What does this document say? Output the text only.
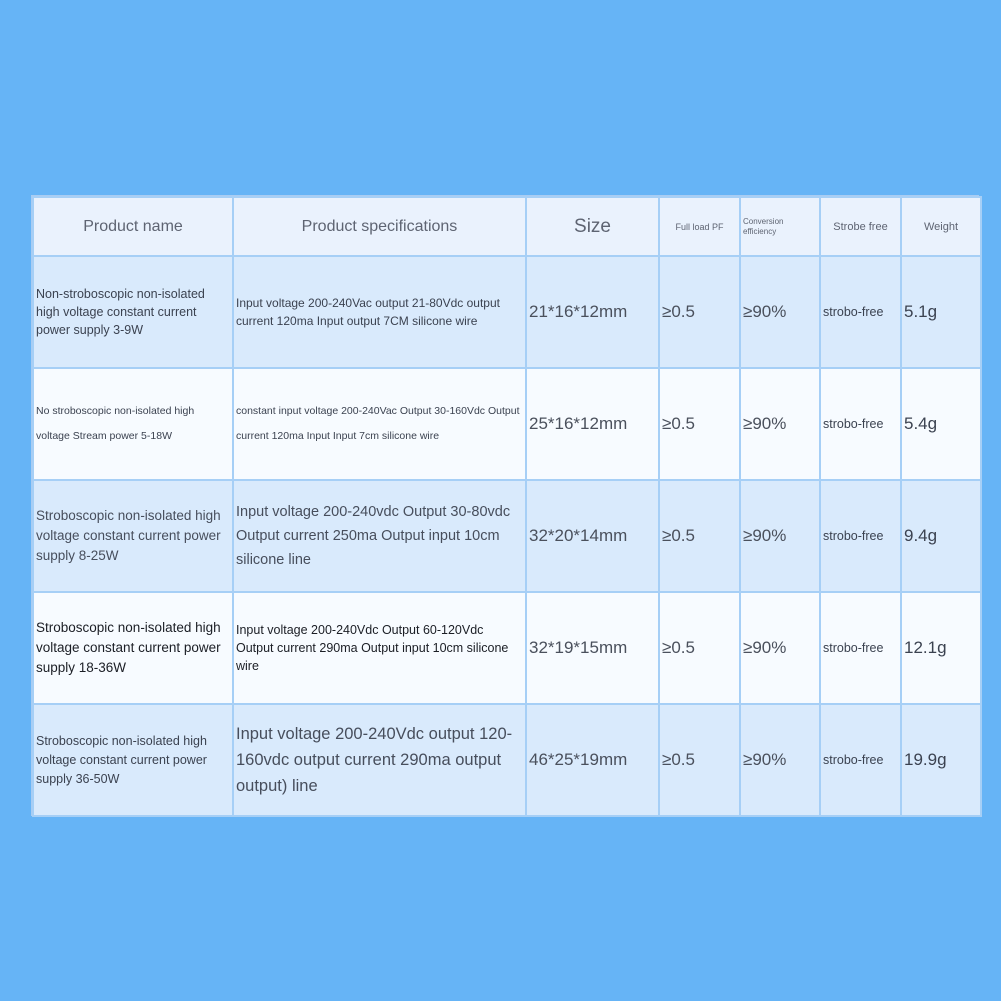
Product name	Product specifications	Size	Full load PF	Conversion efficiency	Strobe free	Weight
Non-stroboscopic non-isolated high voltage constant current power supply 3-9W	Input voltage 200-240Vac output 21-80Vdc output current 120ma Input output 7CM silicone wire	21*16*12mm	≥0.5	≥90%	strobo-free	5.1g
No stroboscopic non-isolated high voltage Stream power 5-18W	constant input voltage 200-240Vac Output 30-160Vdc Output current 120ma Input Input 7cm silicone wire	25*16*12mm	≥0.5	≥90%	strobo-free	5.4g
Stroboscopic non-isolated high voltage constant current power supply 8-25W	Input voltage 200-240vdc Output 30-80vdc Output current 250ma Output input 10cm silicone line	32*20*14mm	≥0.5	≥90%	strobo-free	9.4g
Stroboscopic non-isolated high voltage constant current power supply 18-36W	Input voltage 200-240Vdc Output 60-120Vdc Output current 290ma Output input 10cm silicone wire	32*19*15mm	≥0.5	≥90%	strobo-free	12.1g
Stroboscopic non-isolated high voltage constant current power supply 36-50W	Input voltage 200-240Vdc output 120-160vdc output current 290ma output output) line	46*25*19mm	≥0.5	≥90%	strobo-free	19.9g
